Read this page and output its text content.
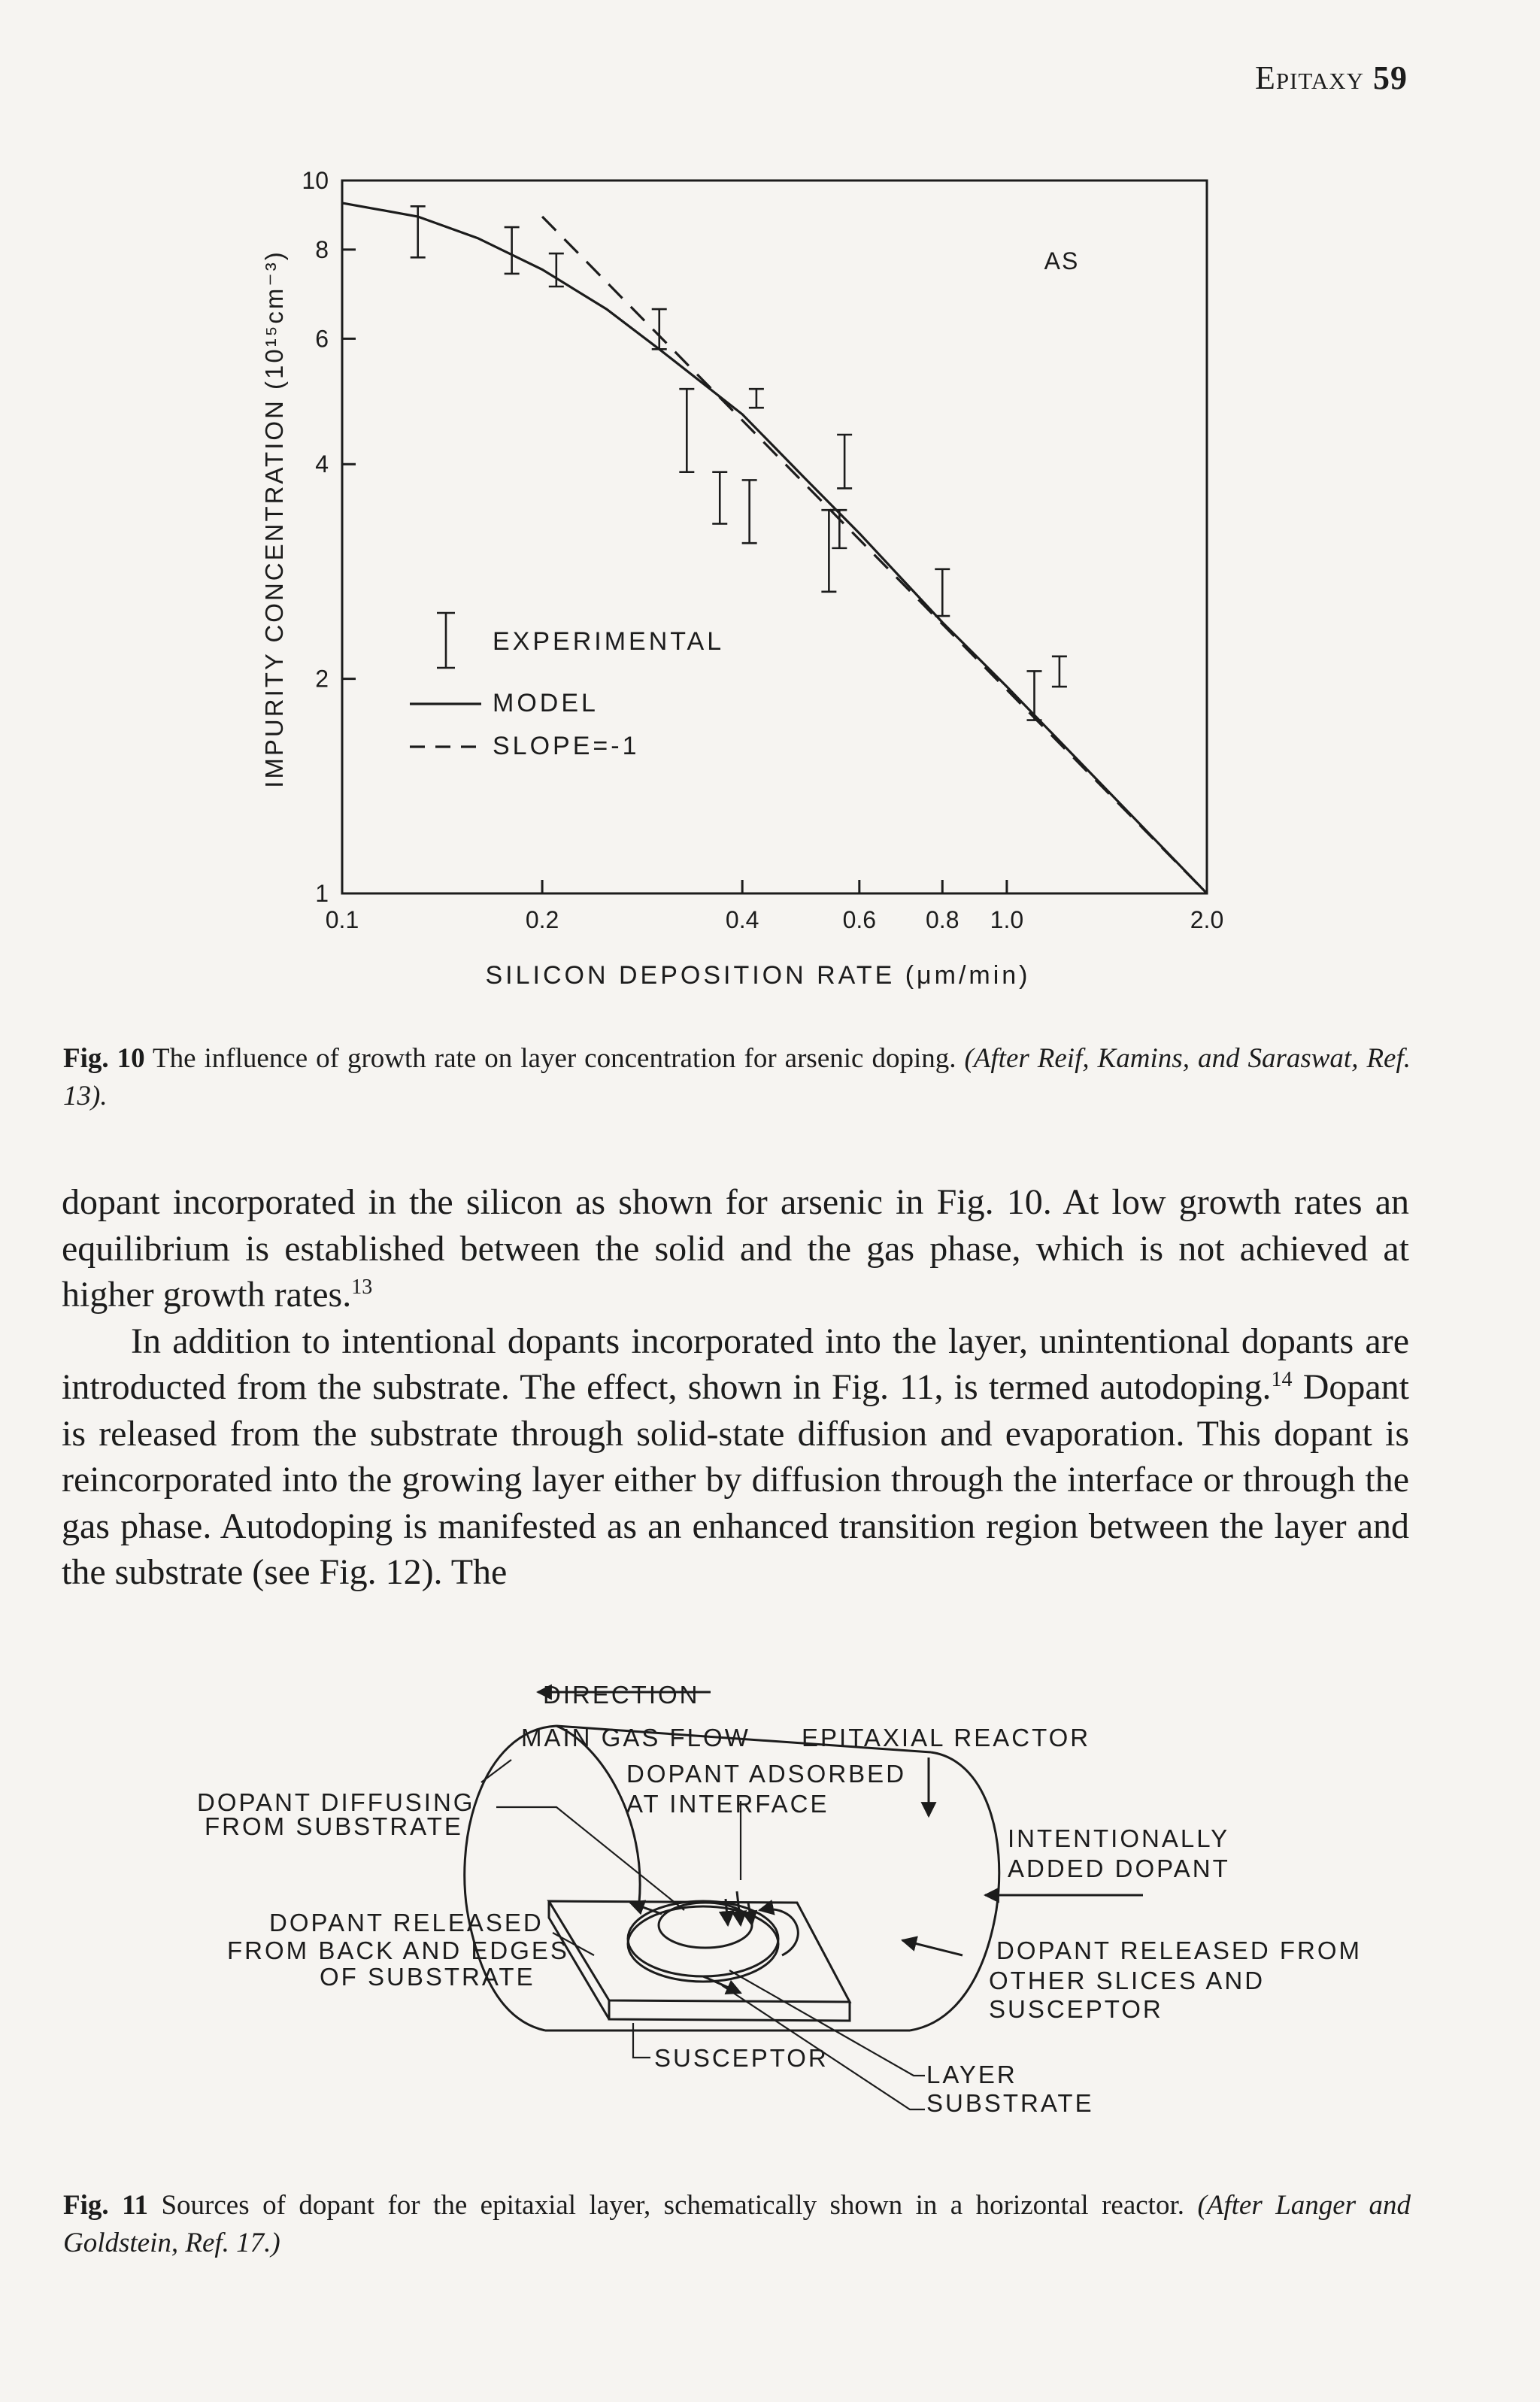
Epitaxy 59
0.1	0.2	0.4	0.6 0.8 1.0	2.0
1
2
4
6
8
10
SILICON DEPOSITION RATE (μm/min)
IMPURITY CONCENTRATION (10¹⁵cm⁻³)	AS
EXPERIMENTAL
MODEL
SLOPE=-1
Fig. 10 The influence of growth rate on layer concentration for arsenic doping. (After Reif, Kamins, and Saraswat, Ref. 13).

dopant incorporated in the silicon as shown for arsenic in Fig. 10. At low growth rates an equilibrium is established between the solid and the gas phase, which is not achieved at higher growth rates.$^{13}$

In addition to intentional dopants incorporated into the layer, unintentional dopants are introducted from the substrate. The effect, shown in Fig. 11, is termed autodoping.$^{14}$ Dopant is released from the substrate through solid-state diffusion and evaporation. This dopant is reincorporated into the growing layer either by diffusion through the interface or through the gas phase. Autodoping is manifested as an enhanced transition region between the layer and the substrate (see Fig. 12). The

DIRECTION
MAIN GAS FLOW EPITAXIAL REACTOR
DOPANT ADSORBED
AT INTERFACE
DOPANT DIFFUSING
FROM SUBSTRATE	INTENTIONALLY
ADDED DOPANT
DOPANT RELEASED
FROM BACK AND EDGES
OF SUBSTRATE
DOPANT RELEASED FROM
OTHER SLICES AND
SUSCEPTOR
SUSCEPTOR
LAYER
SUBSTRATE
Fig. 11 Sources of dopant for the epitaxial layer, schematically shown in a horizontal reactor. (After Langer and Goldstein, Ref. 17.)
